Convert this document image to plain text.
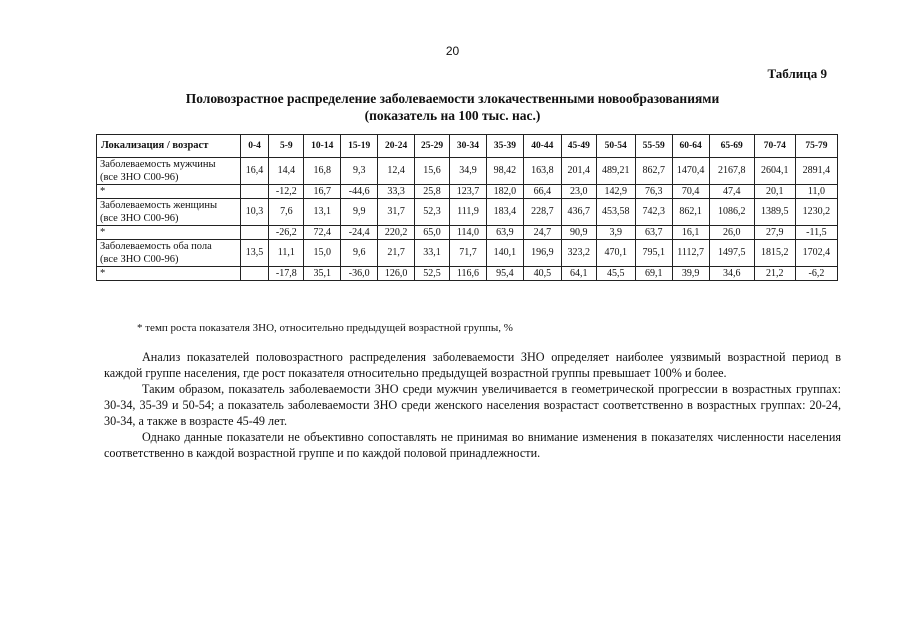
20
Таблица 9
Половозрастное распределение заболеваемости злокачественными новообразованиями
(показатель на 100 тыс. нас.)
Локализация / возраст	0-4	5-9	10-14	15-19	20-24	25-29	30-34	35-39	40-44	45-49	50-54	55-59	60-64	65-69	70-74	75-79

Заболеваемость мужчины
(все ЗНО С00-96)	16,4	14,4	16,8	9,3	12,4	15,6	34,9	98,42	163,8	201,4	489,21	862,7	1470,4	2167,8	2604,1	2891,4

*		-12,2	16,7	-44,6	33,3	25,8	123,7	182,0	66,4	23,0	142,9	76,3	70,4	47,4	20,1	11,0

Заболеваемость женщины
(все ЗНО С00-96)	10,3	7,6	13,1	9,9	31,7	52,3	111,9	183,4	228,7	436,7	453,58	742,3	862,1	1086,2	1389,5	1230,2

*		-26,2	72,4	-24,4	220,2	65,0	114,0	63,9	24,7	90,9	3,9	63,7	16,1	26,0	27,9	-11,5

Заболеваемость оба пола
(все ЗНО С00-96)	13,5	11,1	15,0	9,6	21,7	33,1	71,7	140,1	196,9	323,2	470,1	795,1	1112,7	1497,5	1815,2	1702,4

*		-17,8	35,1	-36,0	126,0	52,5	116,6	95,4	40,5	64,1	45,5	69,1	39,9	34,6	21,2	-6,2
* темп роста показателя ЗНО, относительно предыдущей возрастной группы, %

Анализ показателей половозрастного распределения заболеваемости ЗНО определяет наиболее уязвимый возрастной период в каждой группе населения, где рост показателя относительно предыдущей возрастной группы превышает 100% и более.

Таким образом, показатель заболеваемости ЗНО среди мужчин увеличивается в геометрической прогрессии в возрастных группах: 30-34, 35-39 и 50-54; а показатель заболеваемости ЗНО среди женского населения возрастаст соответственно в возрастных группах: 20-24, 30-34, а также в возрасте 45-49 лет.

Однако данные показатели не объективно сопоставлять не принимая во внимание изменения в показателях численности населения соответственно в каждой возрастной группе и по каждой половой принадлежности.
